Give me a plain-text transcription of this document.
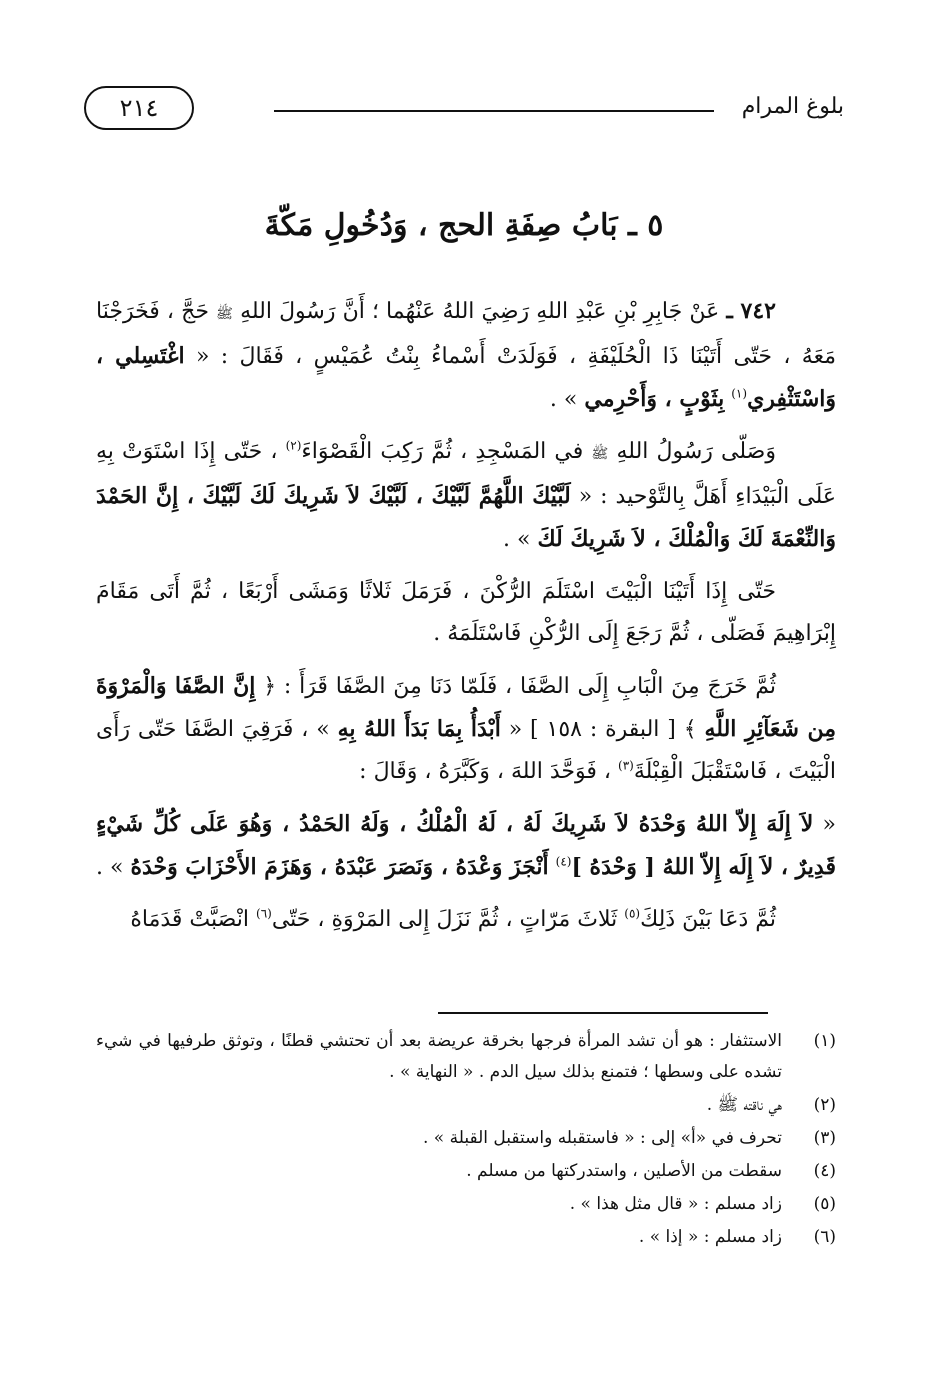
بلوغ المرام
٢١٤
٥ ـ بَابُ صِفَةِ الحج ، وَدُخُولِ مَكّةَ

٧٤٢ ـ عَنْ جَابِرِ بْنِ عَبْدِ اللهِ رَضِيَ اللهُ عَنْهُما ؛ أَنَّ رَسُولَ اللهِ ﷺ حَجَّ ، فَخَرَجْنَا مَعَهُ ، حَتّى أَتَيْنَا ذَا الْحُلَيْفَةِ ، فَوَلَدَتْ أَسْماءُ بِنْتُ عُمَيْسٍ ، فَقَالَ : « اغْتَسِلي ، وَاسْتَثْفِري$^{(١)}$ بِثَوْبٍ ، وَأَحْرِمي » .

وَصَلّى رَسُولُ اللهِ ﷺ في المَسْجِدِ ، ثُمَّ رَكِبَ الْقَصْوَاءَ$^{(٢)}$ ، حَتّى إِذَا اسْتَوَتْ بِهِ عَلَى الْبَيْدَاءِ أَهَلَّ بِالتَّوْحيد : « لَبَّيْكَ اللَّهُمَّ لَبَّيْكَ ، لَبَّيْكَ لاَ شَرِيكَ لَكَ لَبَّيْكَ ، إِنَّ الحَمْدَ وَالنِّعْمَةَ لَكَ وَالْمُلْكَ ، لاَ شَرِيكَ لَكَ » .

حَتّى إِذَا أَتَيْنَا الْبَيْتَ اسْتَلَمَ الرُّكْنَ ، فَرَمَلَ ثَلاثًا وَمَشَى أَرْبَعًا ، ثُمَّ أَتَى مَقَامَ إِبْرَاهِيمَ فَصَلّى ، ثُمَّ رَجَعَ إِلَى الرُّكْنِ فَاسْتَلَمَهُ .

ثُمَّ خَرَجَ مِنَ الْبَابِ إِلَى الصَّفَا ، فَلَمّا دَنَا مِنَ الصَّفَا قَرَأَ : ﴿ إِنَّ الصَّفَا وَالْمَرْوَةَ مِن شَعَآئِرِ اللَّهِ ﴾ [ البقرة : ١٥٨ ] « أَبْدَأُ بِمَا بَدَأَ اللهُ بِهِ » ، فَرَقِيَ الصَّفَا حَتّى رَأَى الْبَيْتَ ، فَاسْتَقْبَلَ الْقِبْلَةَ$^{(٣)}$ ، فَوَحَّدَ اللهَ ، وَكَبَّرَهُ ، وَقَالَ :

« لاَ إِلَهَ إِلاّ اللهُ وَحْدَهُ لاَ شَرِيكَ لَهُ ، لَهُ الْمُلْكُ ، وَلَهُ الحَمْدُ ، وَهُوَ عَلَى كُلِّ شَيْءٍ قَدِيرٌ ، لاَ إِلَه إِلاّ اللهُ [ وَحْدَهُ ]$^{(٤)}$ أَنْجَزَ وَعْدَهُ ، وَنَصَرَ عَبْدَهُ ، وَهَزَمَ الأَحْزَابَ وَحْدَهُ » .

ثُمَّ دَعَا بَيْنَ ذَلِكَ$^{(٥)}$ ثَلاثَ مَرّاتٍ ، ثُمَّ نَزَلَ إِلى المَرْوَةِ ، حَتّى$^{(٦)}$ انْصَبَّتْ قَدَمَاهُ

(١)
الاستثفار : هو أن تشد المرأة فرجها بخرقة عريضة بعد أن تحتشي قطنًا ، وتوثق طرفيها في شيء تشده على وسطها ؛ فتمنع بذلك سيل الدم . « النهاية » .
(٢)
هي ناقته ﷺ .
(٣)
تحرف في «أ» إلى : « فاستقبله واستقبل القبلة » .
(٤)
سقطت من الأصلين ، واستدركتها من مسلم .
(٥)
زاد مسلم : « قال مثل هذا » .
(٦)
زاد مسلم : « إذا » .
